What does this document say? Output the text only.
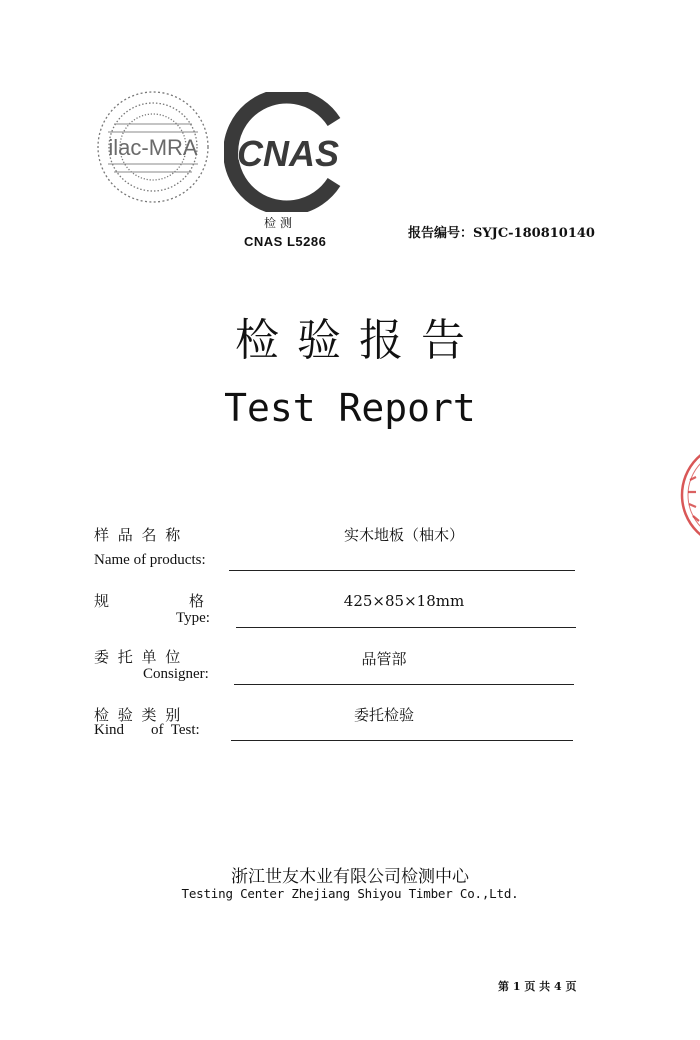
ilac-MRA CNAS
检测
CNAS L5286
报告编号：SYJC-180810140
检验报告
Test Report
样 品 名 称
Name of products:
实木地板（柚木）
规	格
Type:
425×85×18mm
委 托 单 位
Consigner:
品管部
检 验 类 别
Kind of  Test:
委托检验
浙江世友木业有限公司检测中心
Testing Center Zhejiang Shiyou Timber Co.,Ltd.
第 1 页 共 4 页
